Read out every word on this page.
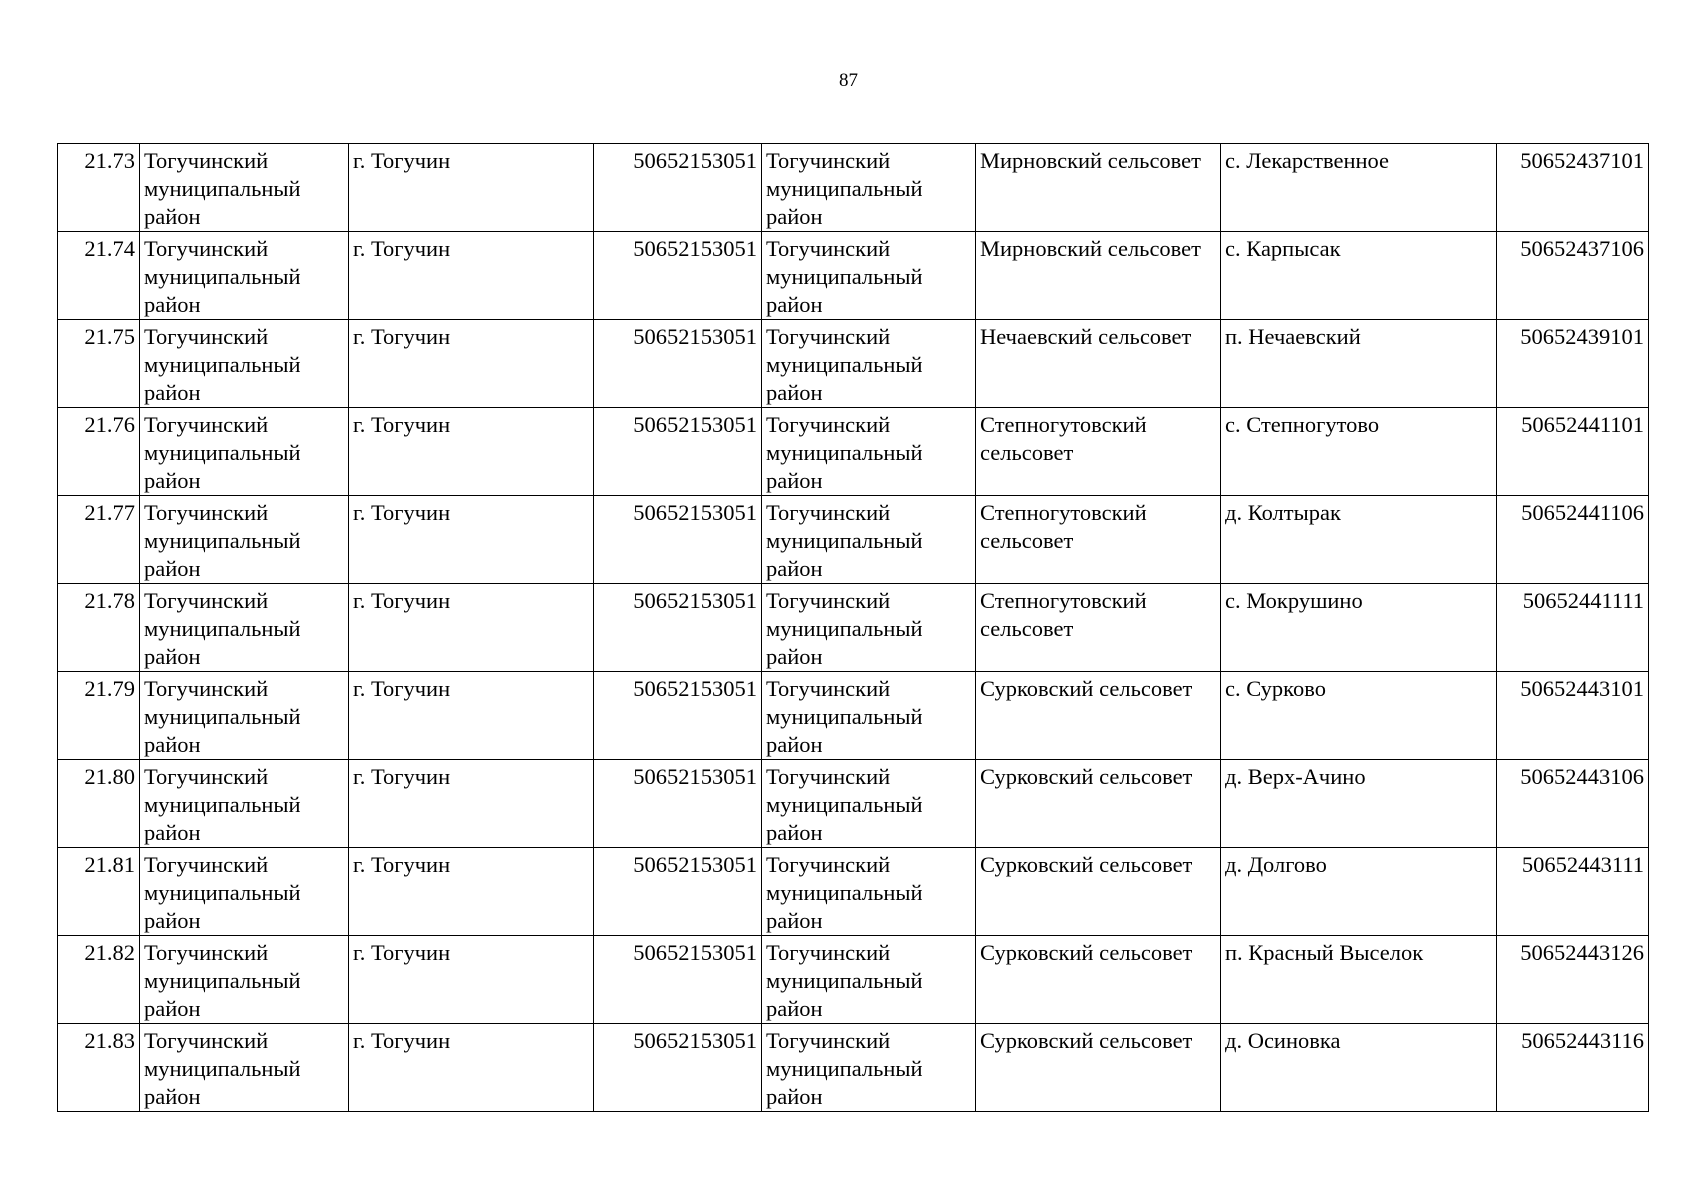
87
21.73	Тогучинский муниципальный район	г. Тогучин	50652153051	Тогучинский муниципальный район	Мирновский сельсовет	с. Лекарственное	50652437101
21.74	Тогучинский муниципальный район	г. Тогучин	50652153051	Тогучинский муниципальный район	Мирновский сельсовет	с. Карпысак	50652437106
21.75	Тогучинский муниципальный район	г. Тогучин	50652153051	Тогучинский муниципальный район	Нечаевский сельсовет	п. Нечаевский	50652439101
21.76	Тогучинский муниципальный район	г. Тогучин	50652153051	Тогучинский муниципальный район	Степногутовский сельсовет	с. Степногутово	50652441101
21.77	Тогучинский муниципальный район	г. Тогучин	50652153051	Тогучинский муниципальный район	Степногутовский сельсовет	д. Колтырак	50652441106
21.78	Тогучинский муниципальный район	г. Тогучин	50652153051	Тогучинский муниципальный район	Степногутовский сельсовет	с. Мокрушино	50652441111
21.79	Тогучинский муниципальный район	г. Тогучин	50652153051	Тогучинский муниципальный район	Сурковский сельсовет	с. Сурково	50652443101
21.80	Тогучинский муниципальный район	г. Тогучин	50652153051	Тогучинский муниципальный район	Сурковский сельсовет	д. Верх-Ачино	50652443106
21.81	Тогучинский муниципальный район	г. Тогучин	50652153051	Тогучинский муниципальный район	Сурковский сельсовет	д. Долгово	50652443111
21.82	Тогучинский муниципальный район	г. Тогучин	50652153051	Тогучинский муниципальный район	Сурковский сельсовет	п. Красный Выселок	50652443126
21.83	Тогучинский муниципальный район	г. Тогучин	50652153051	Тогучинский муниципальный район	Сурковский сельсовет	д. Осиновка	50652443116
